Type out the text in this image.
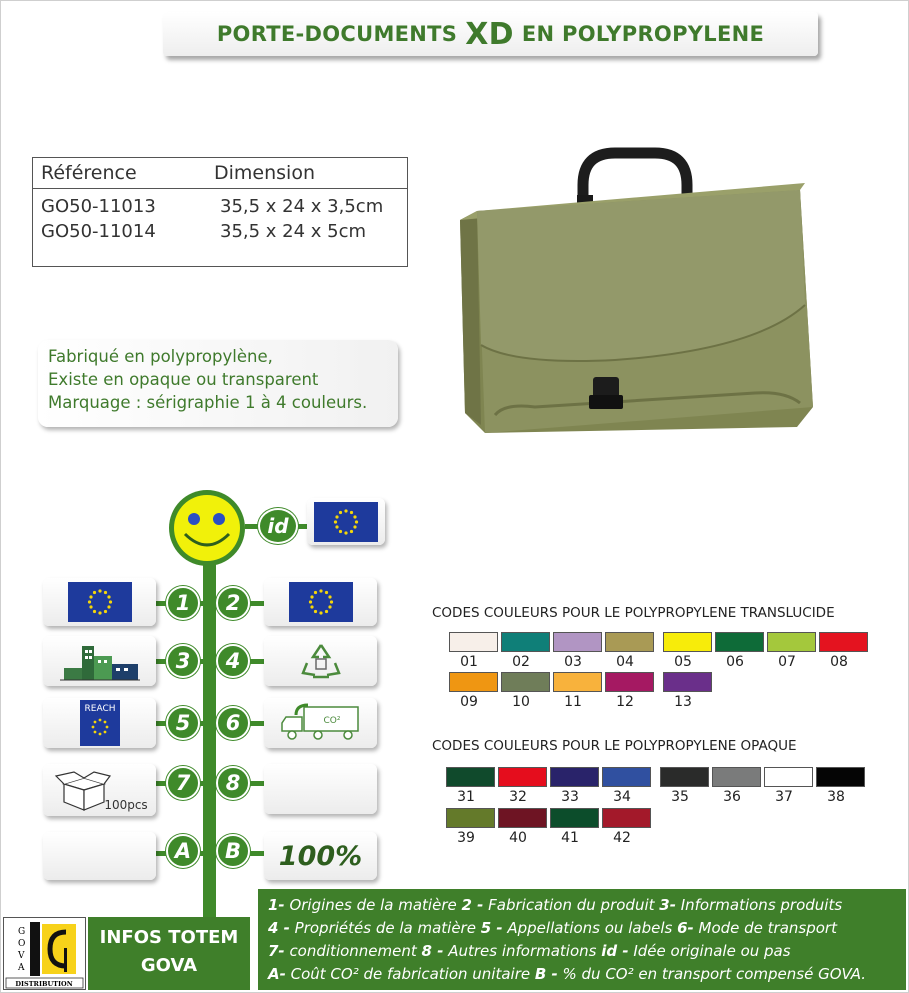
PORTE-DOCUMENTS XD EN POLYPROPYLENE
Référence	Dimension
GO50-11013	35,5 x 24 x 3,5cm
GO50-11014	35,5 x 24 x 5cm
Fabriqué en polypropylène,
Existe en opaque ou transparent
Marquage : sérigraphie 1 à 4 couleurs.
id
1	2
3	4
REACH
5	6	CO²
100pcs
7	8
A	B	100%
CODES COULEURS POUR LE POLYPROPYLENE TRANSLUCIDE
01	02	03	04	05	06	07	08
09	10	11	12	13
CODES COULEURS POUR LE POLYPROPYLENE OPAQUE
31	32	33	34	35	36	37	38
39	40	41	42
G
O
V
A
DISTRIBUTION
INFOS TOTEM
GOVA
1- Origines de la matière 2 - Fabrication du produit 3- Informations produits
4 - Propriétés de la matière 5 - Appellations ou labels 6- Mode de transport
7- conditionnement 8 - Autres informations id - Idée originale ou pas
A- Coût CO² de fabrication unitaire B - % du CO² en transport compensé GOVA.
